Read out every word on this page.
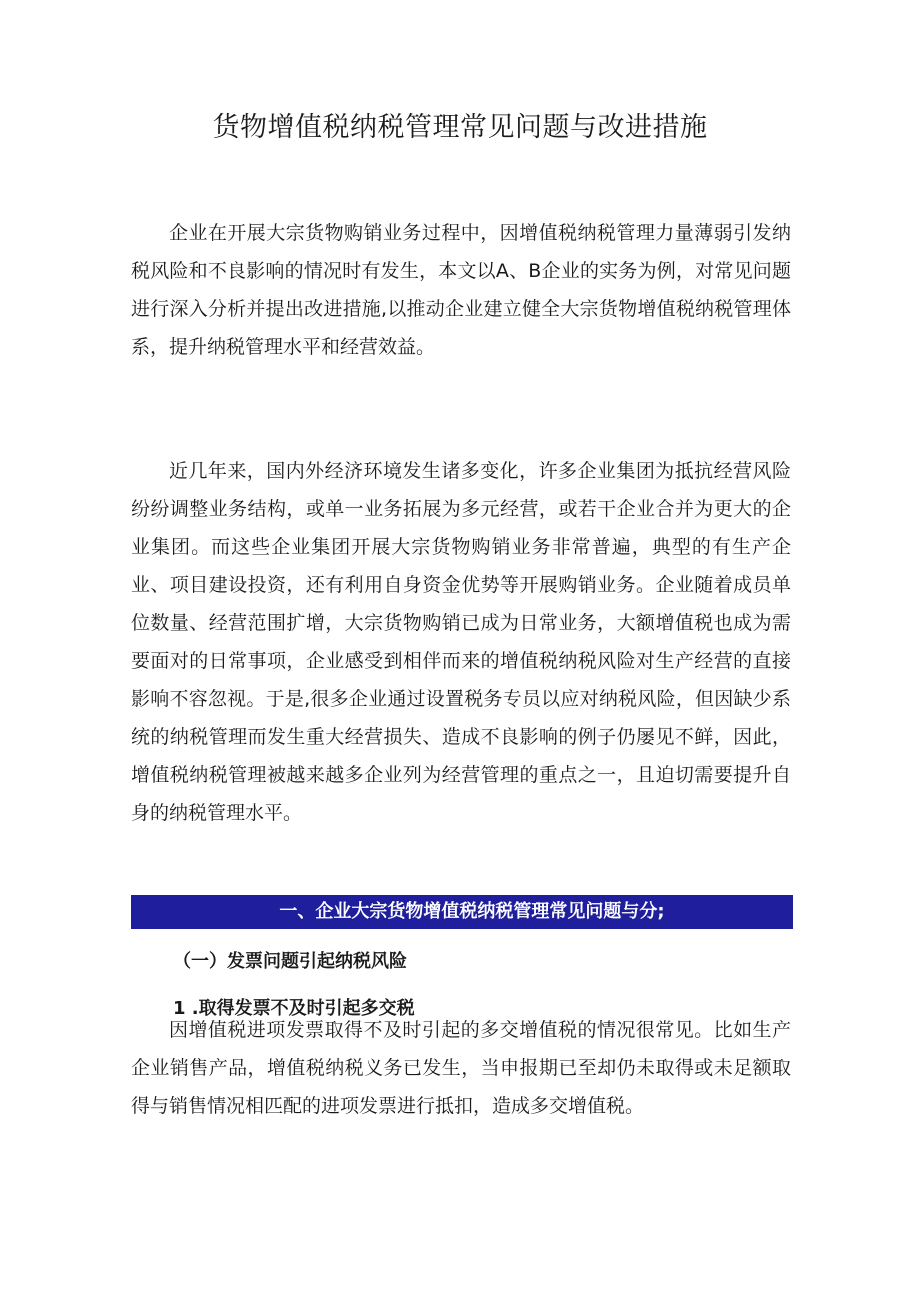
货物增值税纳税管理常见问题与改进措施

企业在开展大宗货物购销业务过程中，因增值税纳税管理力量薄弱引发纳税风险和不良影响的情况时有发生，本文以A、B企业的实务为例，对常见问题进行深入分析并提出改进措施,以推动企业建立健全大宗货物增值税纳税管理体系，提升纳税管理水平和经营效益。

近几年来，国内外经济环境发生诸多变化，许多企业集团为抵抗经营风险纷纷调整业务结构，或单一业务拓展为多元经营，或若干企业合并为更大的企业集团。而这些企业集团开展大宗货物购销业务非常普遍，典型的有生产企业、项目建设投资，还有利用自身资金优势等开展购销业务。企业随着成员单位数量、经营范围扩增，大宗货物购销已成为日常业务，大额增值税也成为需要面对的日常事项，企业感受到相伴而来的增值税纳税风险对生产经营的直接影响不容忽视。于是,很多企业通过设置税务专员以应对纳税风险，但因缺少系统的纳税管理而发生重大经营损失、造成不良影响的例子仍屡见不鲜，因此，增值税纳税管理被越来越多企业列为经营管理的重点之一，且迫切需要提升自身的纳税管理水平。

一、企业大宗货物增值税纳税管理常见问题与分;
（一）发票问题引起纳税风险
1 .取得发票不及时引起多交税

因增值税进项发票取得不及时引起的多交增值税的情况很常见。比如生产企业销售产品，增值税纳税义务已发生，当申报期已至却仍未取得或未足额取得与销售情况相匹配的进项发票进行抵扣，造成多交增值税。
